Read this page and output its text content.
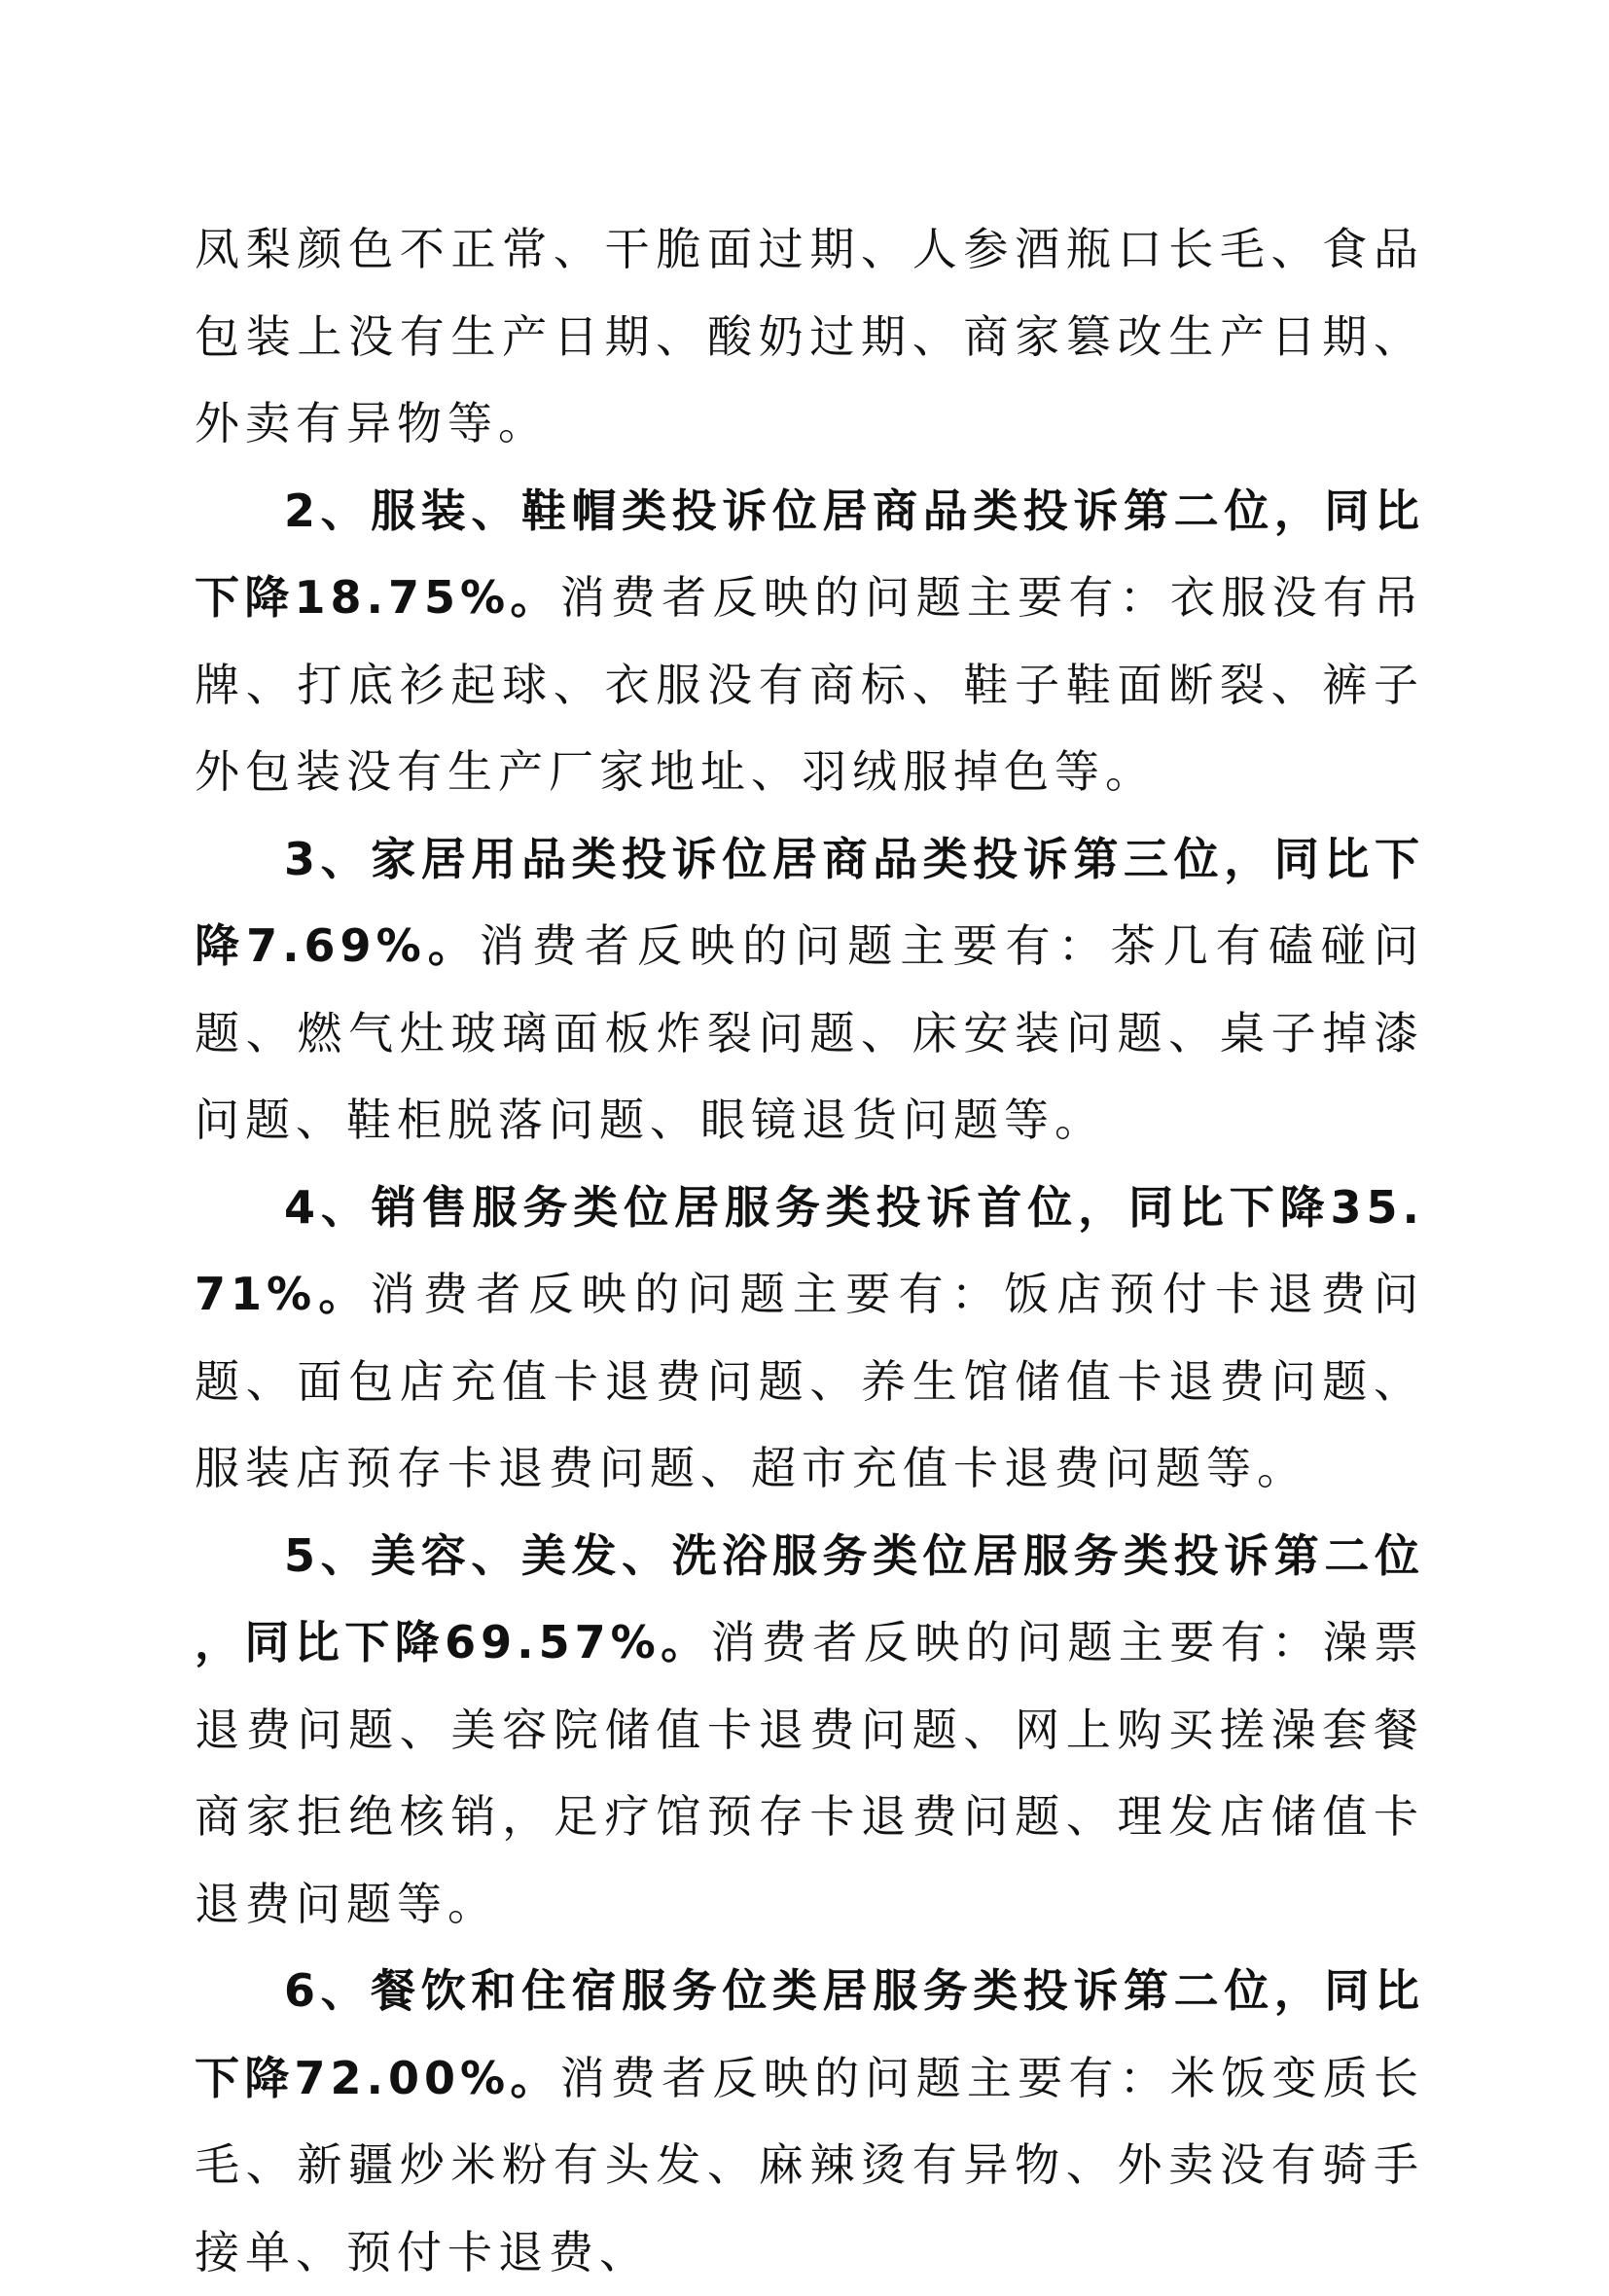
凤梨颜色不正常、干脆面过期、人参酒瓶口长毛、食品包装上没有生产日期、酸奶过期、商家篡改生产日期、外卖有异物等。

2、服装、鞋帽类投诉位居商品类投诉第二位，同比下降18.75%。消费者反映的问题主要有：衣服没有吊牌、打底衫起球、衣服没有商标、鞋子鞋面断裂、裤子外包装没有生产厂家地址、羽绒服掉色等。

3、家居用品类投诉位居商品类投诉第三位，同比下降7.69%。消费者反映的问题主要有：茶几有磕碰问题、燃气灶玻璃面板炸裂问题、床安装问题、桌子掉漆问题、鞋柜脱落问题、眼镜退货问题等。

4、销售服务类位居服务类投诉首位，同比下降35.71%。消费者反映的问题主要有：饭店预付卡退费问题、面包店充值卡退费问题、养生馆储值卡退费问题、服装店预存卡退费问题、超市充值卡退费问题等。

5、美容、美发、洗浴服务类位居服务类投诉第二位，同比下降69.57%。消费者反映的问题主要有：澡票退费问题、美容院储值卡退费问题、网上购买搓澡套餐商家拒绝核销，足疗馆预存卡退费问题、理发店储值卡退费问题等。

6、餐饮和住宿服务位类居服务类投诉第二位，同比下降72.00%。消费者反映的问题主要有：米饭变质长毛、新疆炒米粉有头发、麻辣烫有异物、外卖没有骑手接单、预付卡退费、
